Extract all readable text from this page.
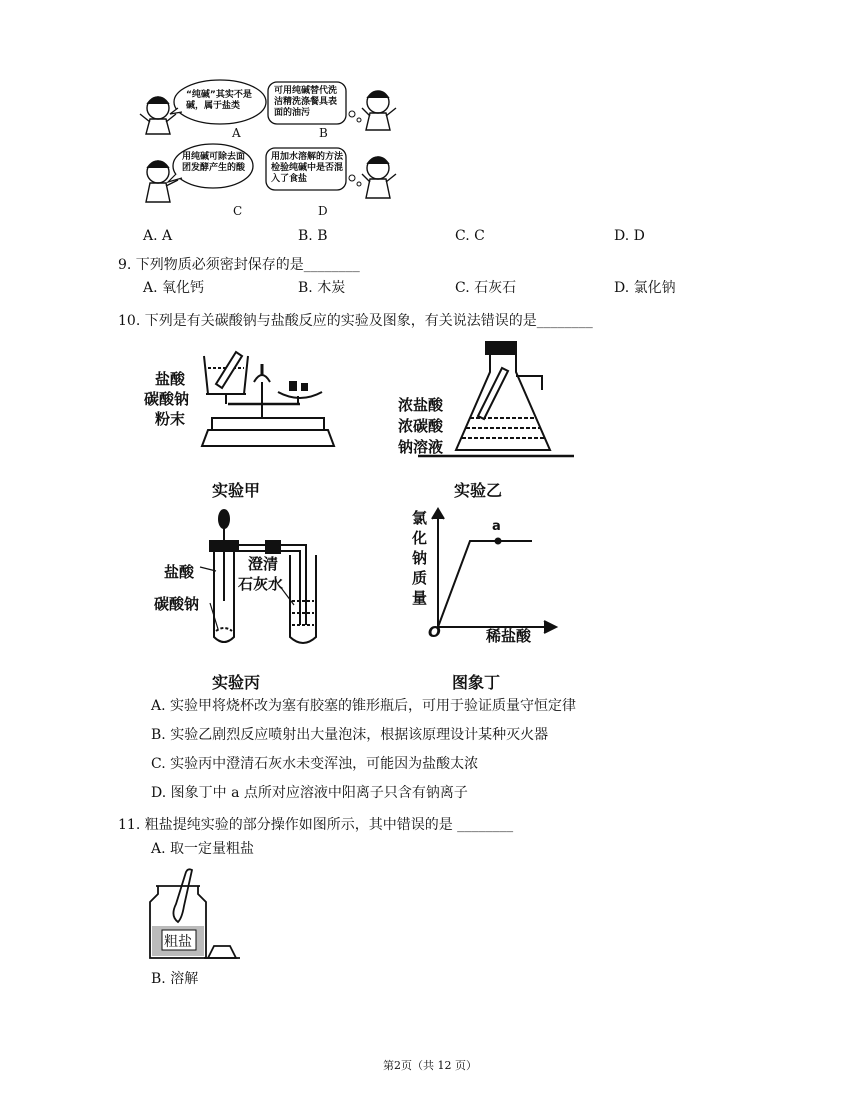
“纯碱”其实不是碱，属于盐类
可用纯碱替代洗洁精洗涤餐具表面的油污
用纯碱可除去面团发酵产生的酸
用加水溶解的方法检验纯碱中是否混入了食盐
A	B
C	D
A. A	B. B	C. C	D. D
9. 下列物质必须密封保存的是________
A. 氧化钙	B. 木炭	C. 石灰石	D. 氯化钠
10. 下列是有关碳酸钠与盐酸反应的实验及图象，有关说法错误的是________
盐酸
碳酸钠
粉末
实验甲
浓盐酸
浓碳酸
钠溶液
实验乙
盐酸
碳酸钠
澄清
石灰水
实验丙
氯
化
钠
质
量
O
a
稀盐酸
图象丁
A. 实验甲将烧杯改为塞有胶塞的锥形瓶后，可用于验证质量守恒定律
B. 实验乙剧烈反应喷射出大量泡沫，根据该原理设计某种灭火器
C. 实验丙中澄清石灰水未变浑浊，可能因为盐酸太浓
D. 图象丁中 a 点所对应溶液中阳离子只含有钠离子
11. 粗盐提纯实验的部分操作如图所示，其中错误的是 ________
A. 取一定量粗盐
粗盐
B. 溶解
第2页（共 12 页）
